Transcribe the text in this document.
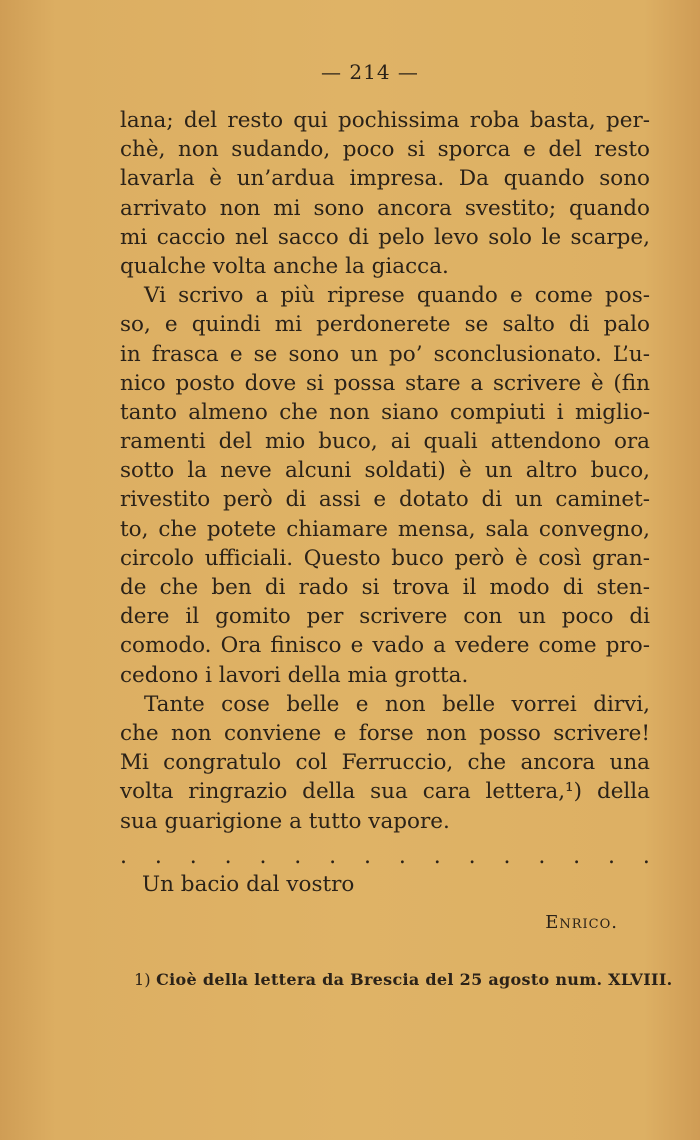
— 214 —
lana; del resto qui pochissima roba basta, per-
chè, non sudando, poco si sporca e del resto
lavarla è un’ardua impresa. Da quando sono
arrivato non mi sono ancora svestito; quando
mi caccio nel sacco di pelo levo solo le scarpe,
qualche volta anche la giacca.
Vi scrivo a più riprese quando e come pos-
so, e quindi mi perdonerete se salto di palo
in frasca e se sono un po’ sconclusionato. L’u-
nico posto dove si possa stare a scrivere è (fin
tanto almeno che non siano compiuti i miglio-
ramenti del mio buco, ai quali attendono ora
sotto la neve alcuni soldati) è un altro buco,
rivestito però di assi e dotato di un caminet-
to, che potete chiamare mensa, sala convegno,
circolo ufficiali. Questo buco però è così gran-
de che ben di rado si trova il modo di sten-
dere il gomito per scrivere con un poco di
comodo. Ora finisco e vado a vedere come pro-
cedono i lavori della mia grotta.
Tante cose belle e non belle vorrei dirvi,
che non conviene e forse non posso scrivere!
Mi congratulo col Ferruccio, che ancora una
volta ringrazio della sua cara lettera,¹) della
sua guarigione a tutto vapore.
. . . . . . . . . . . . . . . .
Un bacio dal vostro
Enrico.
1) Cioè della lettera da Brescia del 25 agosto num. XLVIII.
